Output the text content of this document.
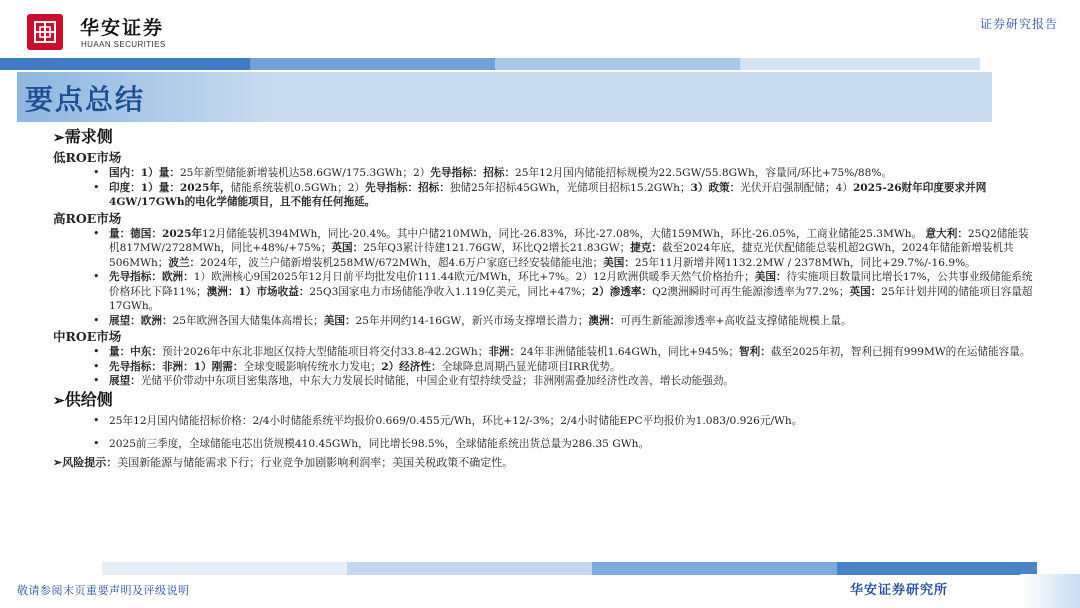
华安证券
HUAAN SECURITIES
证券研究报告
要点总结
➢需求侧
低ROE市场
• 国内：1）量：25年新型储能新增装机达58.6GW/175.3GWh；2）先导指标：招标：25年12月国内储能招标规模为22.5GW/55.8GWh，容量同/环比+75%/88%。
• 印度：1）量：2025年，储能系统装机0.5GWh；2）先导指标：招标：独储25年招标45GWh，光储项目招标15.2GWh；3）政策：光伏开启强制配储；4）2025-26财年印度要求并网4GW/17GWh的电化学储能项目，且不能有任何拖延。
高ROE市场
• 量：德国：2025年12月储能装机394MWh，同比-20.4%。其中户储210MWh，同比-26.83%，环比-27.08%，大储159MWh，环比-26.05%，工商业储能25.3MWh。 意大利：25Q2储能装机817MW/2728MWh，同比+48%/+75%；英国：25年Q3累计待建121.76GW，环比Q2增长21.83GW；捷克：截至2024年底，捷克光伏配储能总装机超2GWh，2024年储能新增装机共506MWh；波兰：2024年，波兰户储新增装机258MW/672MWh，超4.6万户家庭已经安装储能电池；美国：25年11月新增并网1132.2MW / 2378MWh，同比+29.7%/-16.9%。
• 先导指标：欧洲：1）欧洲核心9国2025年12月日前平均批发电价111.44欧元/MWh，环比+7%。2）12月欧洲供暖季天然气价格抬升；美国：待实施项目数量同比增长17%，公共事业级储能系统价格环比下降11%；澳洲：1）市场收益：25Q3国家电力市场储能净收入1.119亿美元，同比+47%；2）渗透率：Q2澳洲瞬时可再生能源渗透率为77.2%；英国：25年计划并网的储能项目容量超17GWh。
• 展望：欧洲：25年欧洲各国大储集体高增长；美国：25年并网约14-16GW，新兴市场支撑增长潜力；澳洲：可再生新能源渗透率+高收益支撑储能规模上量。
中ROE市场
• 量：中东：预计2026年中东北非地区仅持大型储能项目将交付33.8-42.2GWh；非洲：24年非洲储能装机1.64GWh，同比+945%；智利：截至2025年初，智利已拥有999MW的在运储能容量。
• 先导指标：非洲：1）刚需：全球变暖影响传统水力发电；2）经济性：全球降息周期凸显光储项目IRR优势。
• 展望：光储平价带动中东项目密集落地，中东大力发展长时储能，中国企业有望持续受益；非洲刚需叠加经济性改善，增长动能强劲。
➢供给侧
• 25年12月国内储能招标价格：2/4小时储能系统平均报价0.669/0.455元/Wh，环比+12/-3%；2/4小时储能EPC平均报价为1.083/0.926元/Wh。
• 2025前三季度，全球储能电芯出货规模410.45GWh，同比增长98.5%，全球储能系统出货总量为286.35 GWh。
➢风险提示：美国新能源与储能需求下行；行业竞争加剧影响利润率；美国关税政策不确定性。
敬请参阅末页重要声明及评级说明	华安证券研究所
